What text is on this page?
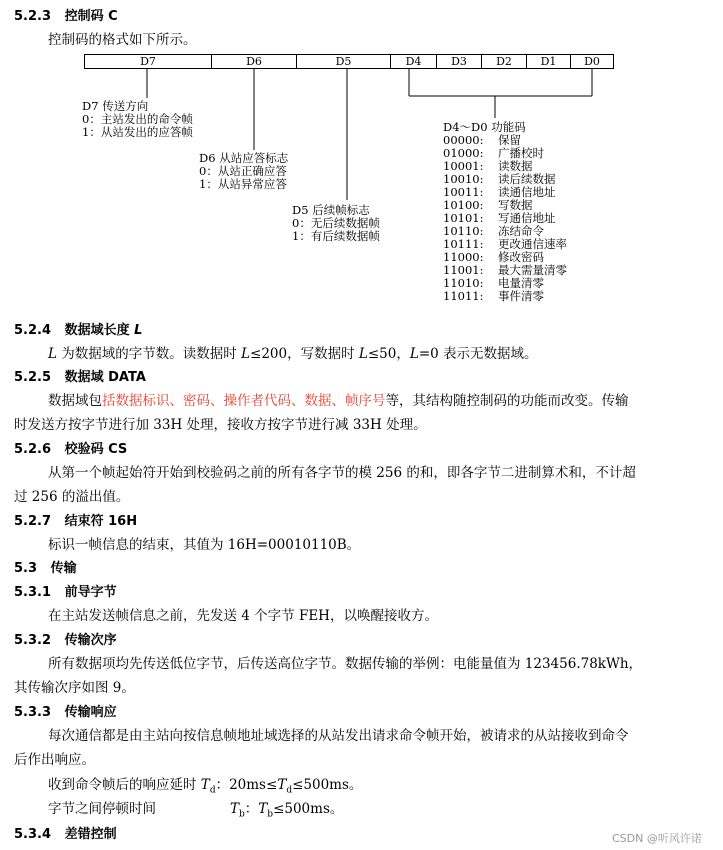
5.2.3 控制码 C
控制码的格式如下所示。
D7	D6	D5	D4	D3	D2	D1	D0
D7 传送方向
0：主站发出的命令帧
1：从站发出的应答帧
D6 从站应答标志
0：从站正确应答
1：从站异常应答
D5 后续帧标志
0：无后续数据帧
1：有后续数据帧
D4～D0 功能码
00000: 保留
01000: 广播校时
10001: 读数据
10010: 读后续数据
10011: 读通信地址
10100: 写数据
10101: 写通信地址
10110: 冻结命令
10111: 更改通信速率
11000: 修改密码
11001: 最大需量清零
11010: 电量清零
11011: 事件清零
5.2.4 数据域长度 L
L 为数据域的字节数。读数据时 L≤200，写数据时 L≤50，L=0 表示无数据域。
5.2.5 数据域 DATA
数据域包括数据标识、密码、操作者代码、数据、帧序号等，其结构随控制码的功能而改变。传输
时发送方按字节进行加 33H 处理，接收方按字节进行减 33H 处理。
5.2.6 校验码 CS
从第一个帧起始符开始到校验码之前的所有各字节的模 256 的和，即各字节二进制算术和，不计超
过 256 的溢出值。
5.2.7 结束符 16H
标识一帧信息的结束，其值为 16H=00010110B。
5.3 传输
5.3.1 前导字节
在主站发送帧信息之前，先发送 4 个字节 FEH，以唤醒接收方。
5.3.2 传输次序
所有数据项均先传送低位字节，后传送高位字节。数据传输的举例：电能量值为 123456.78kWh，
其传输次序如图 9。
5.3.3 传输响应
每次通信都是由主站向按信息帧地址域选择的从站发出请求命令帧开始，被请求的从站接收到命令
后作出响应。
收到命令帧后的响应延时 $T_d$：$20ms\le T_d\le 500ms$。
字节之间停顿时间	$T_b$：$T_b\le 500ms$。
5.3.4 差错控制	CSDN @听风许诺
